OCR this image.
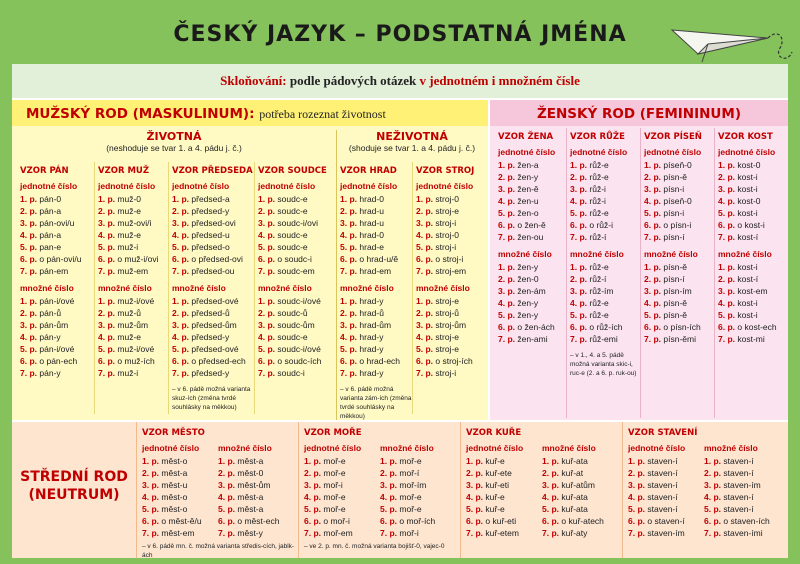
ČESKÝ JAZYK – PODSTATNÁ JMÉNA
Skloňování: podle pádových otázek v jednotném i množném čísle
MUŽSKÝ ROD (MASKULINUM): potřeba rozeznat životnost
ŽIVOTNÁ
(neshoduje se tvar 1. a 4. pádu j. č.)
NEŽIVOTNÁ
(shoduje se tvar 1. a 4. pádu j. č.)
ŽENSKÝ ROD (FEMININUM)
STŘEDNÍ ROD
(NEUTRUM)
VZOR PÁN
jednotné číslo
1. p. pán-0
2. p. pán-a
3. p. pán-ovi/u
4. p. pán-a
5. p. pan-e
6. p. o pán-ovi/u
7. p. pán-em
množné číslo
1. p. pán-i/ové
2. p. pán-ů
3. p. pán-ům
4. p. pán-y
5. p. pán-i/ové
6. p. o pán-ech
7. p. pán-y
VZOR MUŽ
jednotné číslo
1. p. muž-0
2. p. muž-e
3. p. muž-ovi/i
4. p. muž-e
5. p. muž-i
6. p. o muž-i/ovi
7. p. muž-em
množné číslo
1. p. muž-i/ové
2. p. muž-ů
3. p. muž-ům
4. p. muž-e
5. p. muž-i/ové
6. p. o muž-ích
7. p. muž-i
VZOR PŘEDSEDA
jednotné číslo
1. p. předsed-a
2. p. předsed-y
3. p. předsed-ovi
4. p. předsed-u
5. p. předsed-o
6. p. o předsed-ovi
7. p. předsed-ou
množné číslo
1. p. předsed-ové
2. p. předsed-ů
3. p. předsed-ům
4. p. předsed-y
5. p. předsed-ové
6. p. o předsed-ech
7. p. předsed-y
– v 6. pádě možná varianta skuz-ích (změna tvrdé souhlásky na měkkou)
VZOR SOUDCE
jednotné číslo
1. p. soudc-e
2. p. soudc-e
3. p. soudc-i/ovi
4. p. soudc-e
5. p. soudc-e
6. p. o soudc-i
7. p. soudc-em
množné číslo
1. p. soudc-i/ové
2. p. soudc-ů
3. p. soudc-ům
4. p. soudc-e
5. p. soudc-i/ové
6. p. o soudc-ích
7. p. soudc-i
VZOR HRAD
jednotné číslo
1. p. hrad-0
2. p. hrad-u
3. p. hrad-u
4. p. hrad-0
5. p. hrad-e
6. p. o hrad-u/ě
7. p. hrad-em
množné číslo
1. p. hrad-y
2. p. hrad-ů
3. p. hrad-ům
4. p. hrad-y
5. p. hrad-y
6. p. o hrad-ech
7. p. hrad-y
– v 6. pádě možná varianta zám-ích (změna tvrdé souhlásky na měkkou)
VZOR STROJ
jednotné číslo
1. p. stroj-0
2. p. stroj-e
3. p. stroj-i
4. p. stroj-0
5. p. stroj-i
6. p. o stroj-i
7. p. stroj-em
množné číslo
1. p. stroj-e
2. p. stroj-ů
3. p. stroj-ům
4. p. stroj-e
5. p. stroj-e
6. p. o stroj-ích
7. p. stroj-i
VZOR ŽENA
jednotné číslo
1. p. žen-a
2. p. žen-y
3. p. žen-ě
4. p. žen-u
5. p. žen-o
6. p. o žen-ě
7. p. žen-ou
množné číslo
1. p. žen-y
2. p. žen-0
3. p. žen-ám
4. p. žen-y
5. p. žen-y
6. p. o žen-ách
7. p. žen-ami
VZOR RŮŽE
jednotné číslo
1. p. růž-e
2. p. růž-e
3. p. růž-i
4. p. růž-i
5. p. růž-e
6. p. o růž-i
7. p. růž-í
množné číslo
1. p. růž-e
2. p. růž-í
3. p. růž-ím
4. p. růž-e
5. p. růž-e
6. p. o růž-ích
7. p. růž-emi
– v 1., 4. a 5. pádě možná varianta skic-i, ruc-e (2. a 6. p. ruk-ou)
VZOR PÍSEŇ
jednotné číslo
1. p. píseň-0
2. p. písn-ě
3. p. písn-i
4. p. píseň-0
5. p. písn-i
6. p. o písn-i
7. p. písn-í
množné číslo
1. p. písn-ě
2. p. písn-í
3. p. písn-ím
4. p. písn-ě
5. p. písn-ě
6. p. o písn-ích
7. p. písn-ěmi
VZOR KOST
jednotné číslo
1. p. kost-0
2. p. kost-i
3. p. kost-i
4. p. kost-0
5. p. kost-i
6. p. o kost-i
7. p. kost-í
množné číslo
1. p. kost-i
2. p. kost-í
3. p. kost-em
4. p. kost-i
5. p. kost-i
6. p. o kost-ech
7. p. kost-mi
VZOR MĚSTO
jednotné číslo
1. p. měst-o
2. p. měst-a
3. p. měst-u
4. p. měst-o
5. p. měst-o
6. p. o měst-ě/u
7. p. měst-em
množné číslo
1. p. měst-a
2. p. měst-0
3. p. měst-ům
4. p. měst-a
5. p. měst-a
6. p. o měst-ech
7. p. měst-y
– v 6. pádě mn. č. možná varianta středis-cích, jablk-ách
VZOR MOŘE
jednotné číslo
1. p. moř-e
2. p. moř-e
3. p. moř-i
4. p. moř-e
5. p. moř-e
6. p. o moř-i
7. p. moř-em
množné číslo
1. p. moř-e
2. p. moř-í
3. p. moř-ím
4. p. moř-e
5. p. moř-e
6. p. o moř-ích
7. p. moř-i
– ve 2. p. mn. č. možná varianta bojišť-0, vajec-0
VZOR KUŘE
jednotné číslo
1. p. kuř-e
2. p. kuř-ete
3. p. kuř-eti
4. p. kuř-e
5. p. kuř-e
6. p. o kuř-eti
7. p. kuř-etem
množné číslo
1. p. kuř-ata
2. p. kuř-at
3. p. kuř-atům
4. p. kuř-ata
5. p. kuř-ata
6. p. o kuř-atech
7. p. kuř-aty
VZOR STAVENÍ
jednotné číslo
1. p. staven-í
2. p. staven-í
3. p. staven-í
4. p. staven-í
5. p. staven-í
6. p. o staven-í
7. p. staven-ím
množné číslo
1. p. staven-í
2. p. staven-í
3. p. staven-ím
4. p. staven-í
5. p. staven-í
6. p. o staven-ích
7. p. staven-ími
